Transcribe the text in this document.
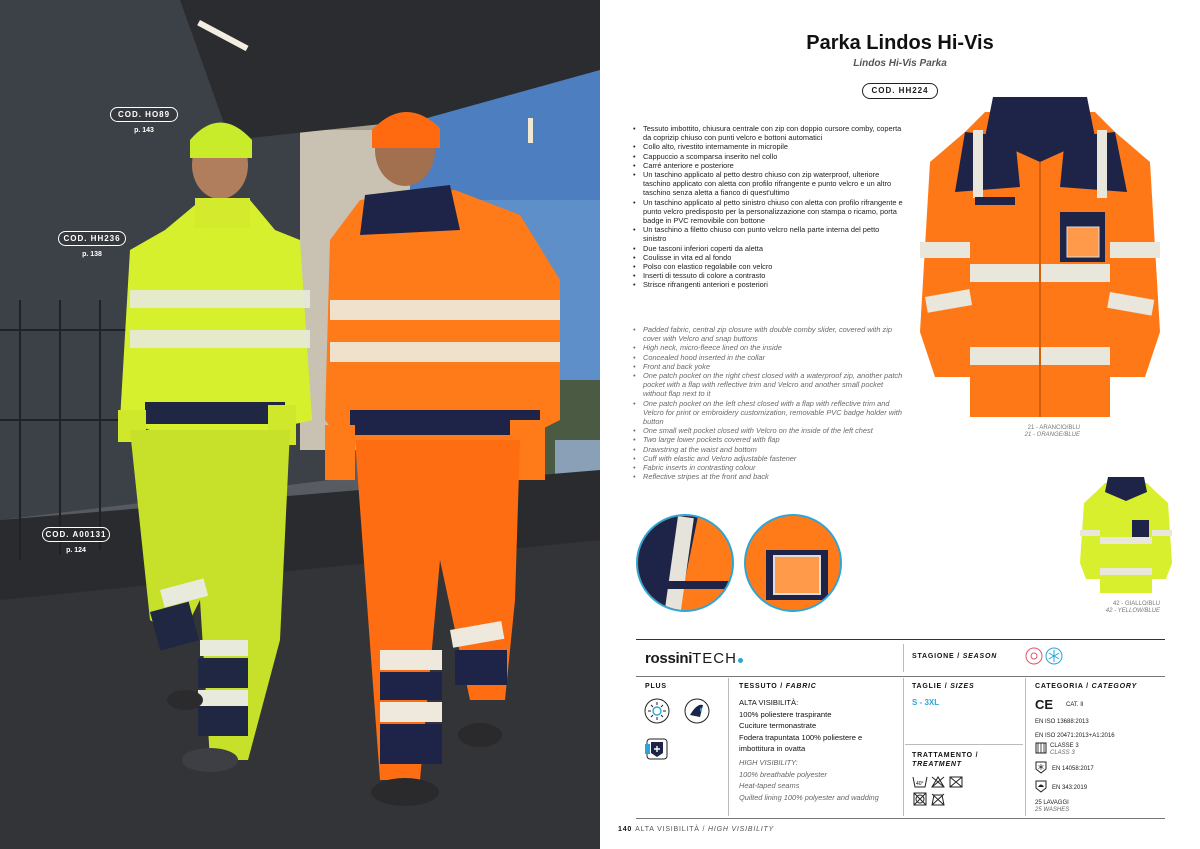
COD. HO89
p. 143
COD. HH236
p. 138
COD. A00131
p. 124
Parka Lindos Hi-Vis
Lindos Hi-Vis Parka
COD. HH224
• Tessuto imbottito, chiusura centrale con zip con doppio cursore comby, coperta da coprizip chiuso con punti velcro e bottoni automatici
• Collo alto, rivestito internamente in micropile
• Cappuccio a scomparsa inserito nel collo
• Carré anteriore e posteriore
• Un taschino applicato al petto destro chiuso con zip waterproof, ulteriore taschino applicato con aletta con profilo rifrangente e punto velcro e un altro taschino senza aletta a fianco di quest'ultimo
• Un taschino applicato al petto sinistro chiuso con aletta con profilo rifrangente e punto velcro predisposto per la personalizzazione con stampa o ricamo, porta badge in PVC removibile con bottone
• Un taschino a filetto chiuso con punto velcro nella parte interna del petto sinistro
• Due tasconi inferiori coperti da aletta
• Coulisse in vita ed al fondo
• Polso con elastico regolabile con velcro
• Inserti di tessuto di colore a contrasto
• Strisce rifrangenti anteriori e posteriori
• Padded fabric, central zip closure with double comby slider, covered with zip cover with Velcro and snap buttons
• High neck, micro-fleece lined on the inside
• Concealed hood inserted in the collar
• Front and back yoke
• One patch pocket on the right chest closed with a waterproof zip, another patch pocket with a flap with reflective trim and Velcro and another small pocket without flap next to it
• One patch pocket on the left chest closed with a flap with reflective trim and Velcro for print or embroidery customization, removable PVC badge holder with button
• One small welt pocket closed with Velcro on the inside of the left chest
• Two large lower pockets covered with flap
• Drawstring at the waist and bottom
• Cuff with elastic and Velcro adjustable fastener
• Fabric inserts in contrasting colour
• Reflective stripes at the front and back
21 - ARANCIO/BLU
21 - ORANGE/BLUE
42 - GIALLO/BLU
42 - YELLOW/BLUE
rossiniTECH	STAGIONE / SEASON
PLUS	TESSUTO / FABRIC
ALTA VISIBILITÀ:
100% poliestere traspirante
Cuciture termonastrate
Fodera trapuntata 100% poliestere e imbottitura in ovatta
HIGH VISIBILITY:
100% breathable polyester
Heat-taped seams
Quilted lining 100% polyester and wadding
TAGLIE / SIZES
S - 3XL
TRATTAMENTO /
TREATMENT
40°
CATEGORIA / CATEGORY
CE CAT. II
EN ISO 13688:2013
EN ISO 20471:2013+A1:2016
CLASSE 3
CLASS 3
EN 14058:2017
EN 343:2019
25 LAVAGGI
25 WASHES
140 ALTA VISIBILITÀ / HIGH VISIBILITY
